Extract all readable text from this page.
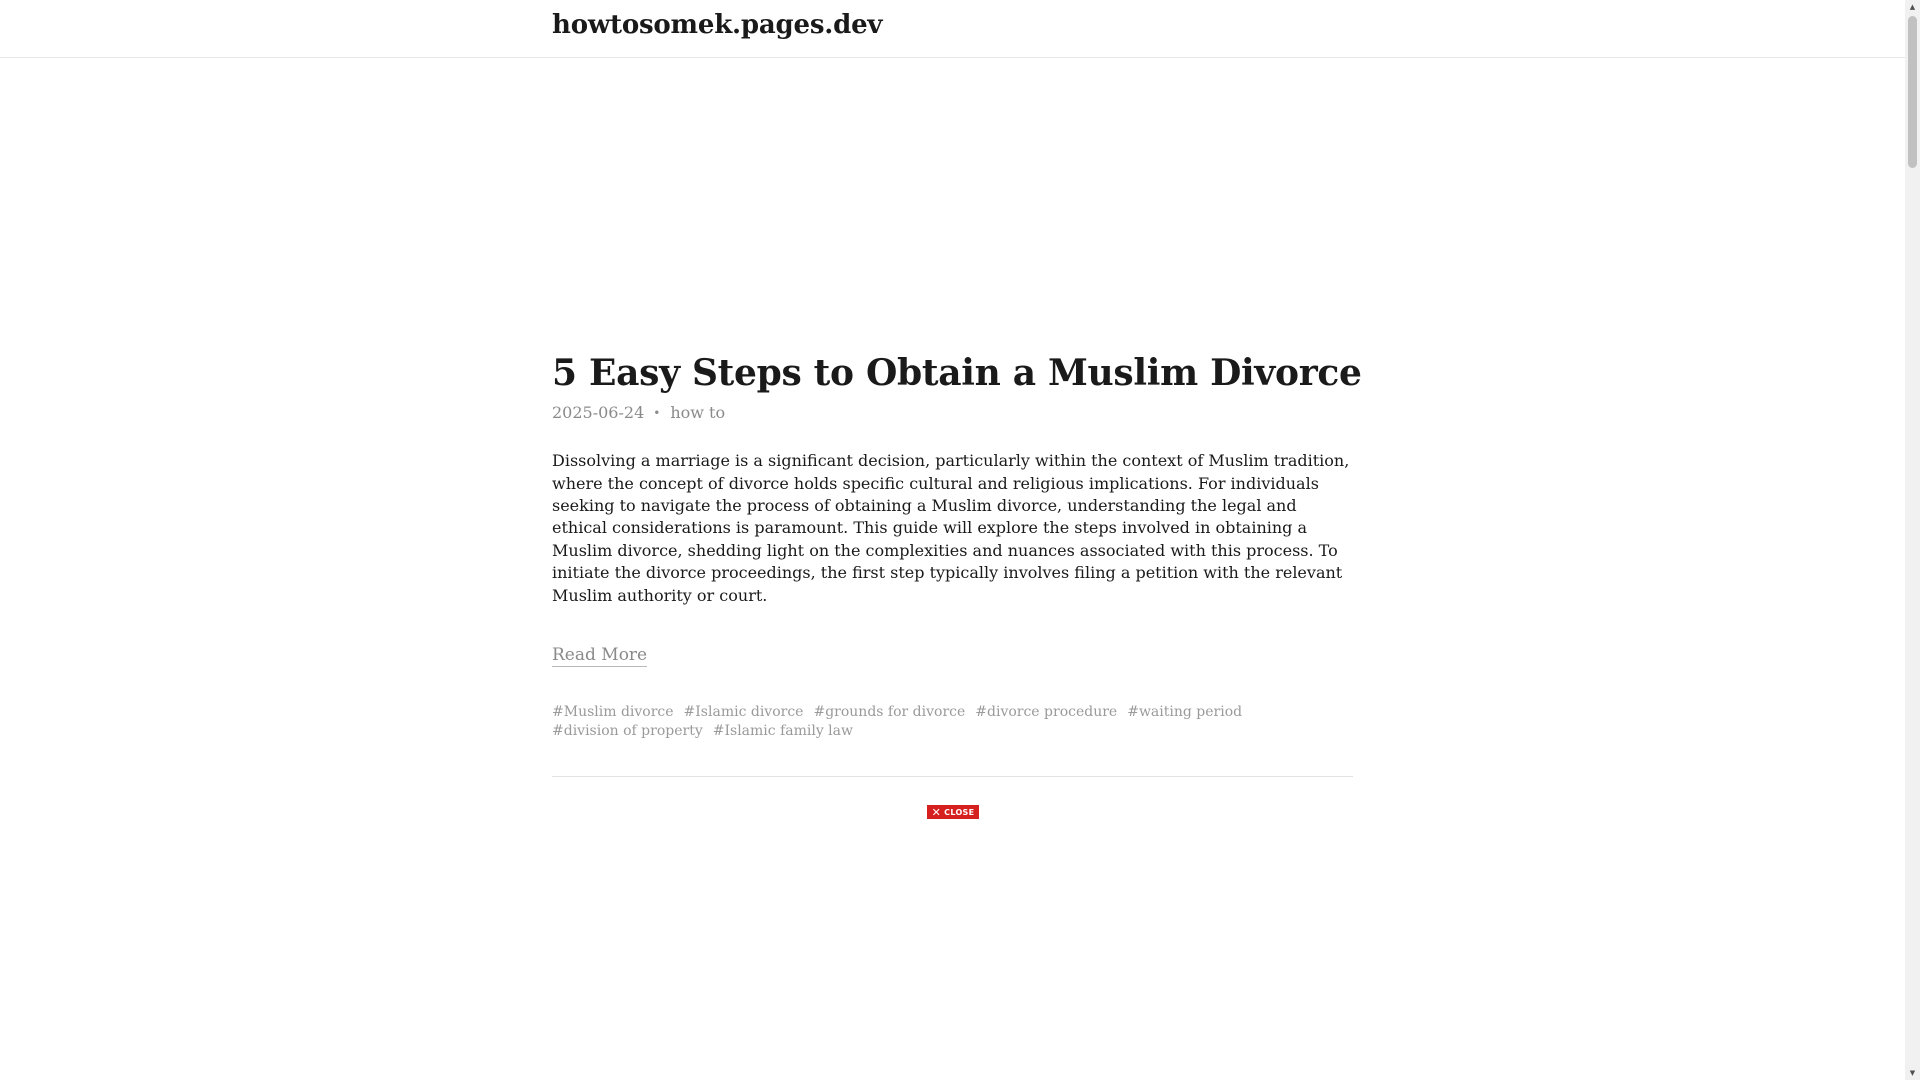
howtosomek.pages.dev
5 Easy Steps to Obtain a Muslim Divorce
2025-06-24 • how to

Dissolving a marriage is a significant decision, particularly within the context of Muslim tradition, where the concept of divorce holds specific cultural and religious implications. For individuals seeking to navigate the process of obtaining a Muslim divorce, understanding the legal and ethical considerations is paramount. This guide will explore the steps involved in obtaining a Muslim divorce, shedding light on the complexities and nuances associated with this process. To initiate the divorce proceedings, the first step typically involves filing a petition with the relevant Muslim authority or court.

Read More
#Muslim divorce #Islamic divorce #grounds for divorce #divorce procedure #waiting period
#division of property #Islamic family law
✕ CLOSE
▲
▼
